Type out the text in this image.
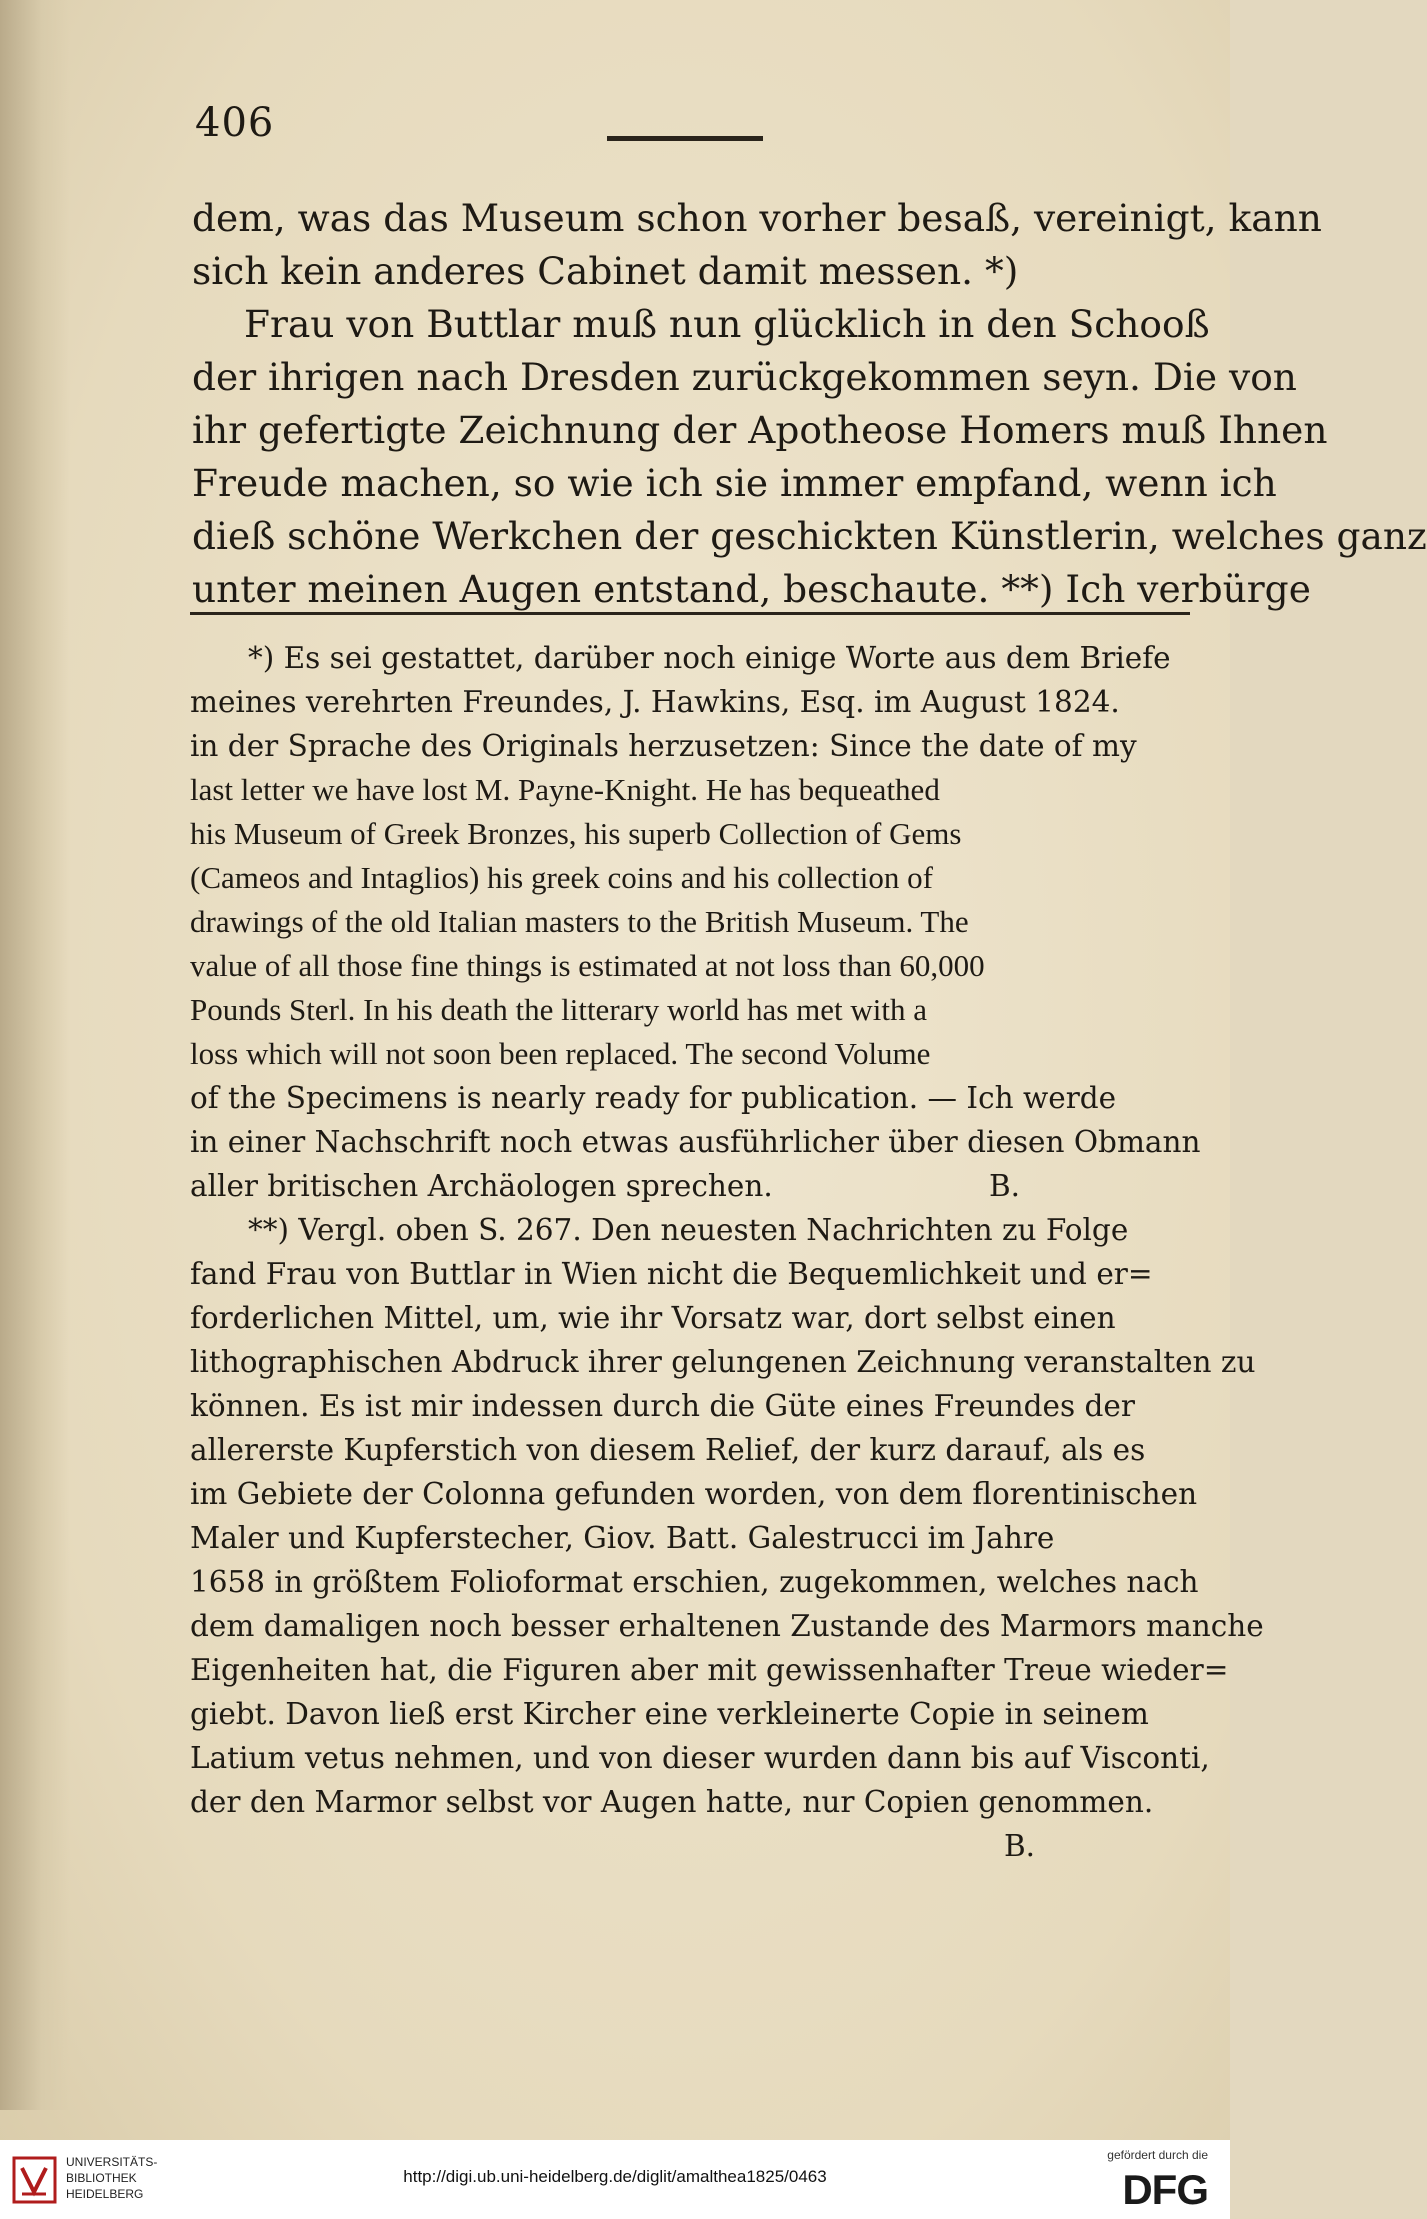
406
dem, was das Museum schon vorher besaß, vereinigt, kann
sich kein anderes Cabinet damit messen. *)
Frau von Buttlar muß nun glücklich in den Schooß
der ihrigen nach Dresden zurückgekommen seyn. Die von
ihr gefertigte Zeichnung der Apotheose Homers muß Ihnen
Freude machen, so wie ich sie immer empfand, wenn ich
dieß schöne Werkchen der geschickten Künstlerin, welches ganz
unter meinen Augen entstand, beschaute. **) Ich verbürge
*) Es sei gestattet, darüber noch einige Worte aus dem Briefe
meines verehrten Freundes, J. Hawkins, Esq. im August 1824.
in der Sprache des Originals herzusetzen: Since the date of my
last letter we have lost M. Payne-Knight. He has bequeathed
his Museum of Greek Bronzes, his superb Collection of Gems
(Cameos and Intaglios) his greek coins and his collection of
drawings of the old Italian masters to the British Museum. The
value of all those fine things is estimated at not loss than 60,000
Pounds Sterl. In his death the litterary world has met with a
loss which will not soon been replaced. The second Volume
of the Specimens is nearly ready for publication. — Ich werde
in einer Nachschrift noch etwas ausführlicher über diesen Obmann
aller britischen Archäologen sprechen.	B.
**) Vergl. oben S. 267. Den neuesten Nachrichten zu Folge
fand Frau von Buttlar in Wien nicht die Bequemlichkeit und er=
forderlichen Mittel, um, wie ihr Vorsatz war, dort selbst einen
lithographischen Abdruck ihrer gelungenen Zeichnung veranstalten zu
können. Es ist mir indessen durch die Güte eines Freundes der
allererste Kupferstich von diesem Relief, der kurz darauf, als es
im Gebiete der Colonna gefunden worden, von dem florentinischen
Maler und Kupferstecher, Giov. Batt. Galestrucci im Jahre
1658 in größtem Folioformat erschien, zugekommen, welches nach
dem damaligen noch besser erhaltenen Zustande des Marmors manche
Eigenheiten hat, die Figuren aber mit gewissenhafter Treue wieder=
giebt. Davon ließ erst Kircher eine verkleinerte Copie in seinem
Latium vetus nehmen, und von dieser wurden dann bis auf Visconti,
der den Marmor selbst vor Augen hatte, nur Copien genommen.
B.
UNIVERSITÄTS-
BIBLIOTHEK
HEIDELBERG
http://digi.ub.uni-heidelberg.de/diglit/amalthea1825/0463
gefördert durch die
DFG
